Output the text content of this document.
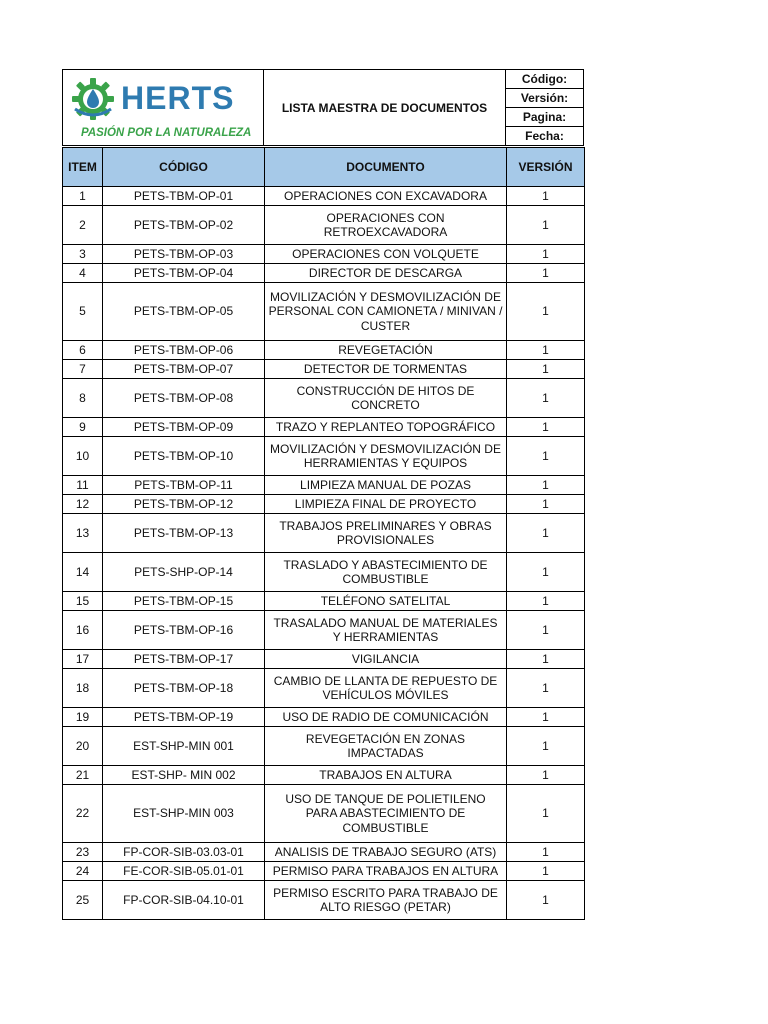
HERTS
PASIÓN POR LA NATURALEZA
	LISTA MAESTRA DE DOCUMENTOS	Código:
Versión:
Pagina:
Fecha:
ITEM	CÓDIGO	DOCUMENTO	VERSIÓN
1	PETS-TBM-OP-01	OPERACIONES CON EXCAVADORA	1
2	PETS-TBM-OP-02	OPERACIONES CON RETROEXCAVADORA	1
3	PETS-TBM-OP-03	OPERACIONES CON VOLQUETE	1
4	PETS-TBM-OP-04	DIRECTOR DE DESCARGA	1
5	PETS-TBM-OP-05	MOVILIZACIÓN Y DESMOVILIZACIÓN DE PERSONAL CON CAMIONETA / MINIVAN / CUSTER	1
6	PETS-TBM-OP-06	REVEGETACIÓN	1
7	PETS-TBM-OP-07	DETECTOR DE TORMENTAS	1
8	PETS-TBM-OP-08	CONSTRUCCIÓN DE HITOS DE CONCRETO	1
9	PETS-TBM-OP-09	TRAZO Y REPLANTEO TOPOGRÁFICO	1
10	PETS-TBM-OP-10	MOVILIZACIÓN Y DESMOVILIZACIÓN DE HERRAMIENTAS Y EQUIPOS	1
11	PETS-TBM-OP-11	LIMPIEZA MANUAL DE POZAS	1
12	PETS-TBM-OP-12	LIMPIEZA FINAL DE PROYECTO	1
13	PETS-TBM-OP-13	TRABAJOS PRELIMINARES Y OBRAS PROVISIONALES	1
14	PETS-SHP-OP-14	TRASLADO Y ABASTECIMIENTO DE COMBUSTIBLE	1
15	PETS-TBM-OP-15	TELÉFONO SATELITAL	1
16	PETS-TBM-OP-16	TRASALADO MANUAL DE MATERIALES Y HERRAMIENTAS	1
17	PETS-TBM-OP-17	VIGILANCIA	1
18	PETS-TBM-OP-18	CAMBIO DE LLANTA DE REPUESTO DE VEHÍCULOS MÓVILES	1
19	PETS-TBM-OP-19	USO DE RADIO DE COMUNICACIÓN	1
20	EST-SHP-MIN 001	REVEGETACIÓN EN ZONAS IMPACTADAS	1
21	EST-SHP- MIN 002	TRABAJOS EN ALTURA	1
22	EST-SHP-MIN 003	USO DE TANQUE DE POLIETILENO PARA ABASTECIMIENTO DE COMBUSTIBLE	1
23	FP-COR-SIB-03.03-01	ANALISIS DE TRABAJO SEGURO (ATS)	1
24	FE-COR-SIB-05.01-01	PERMISO PARA TRABAJOS EN ALTURA	1
25	FP-COR-SIB-04.10-01	PERMISO ESCRITO PARA TRABAJO DE ALTO RIESGO (PETAR)	1
